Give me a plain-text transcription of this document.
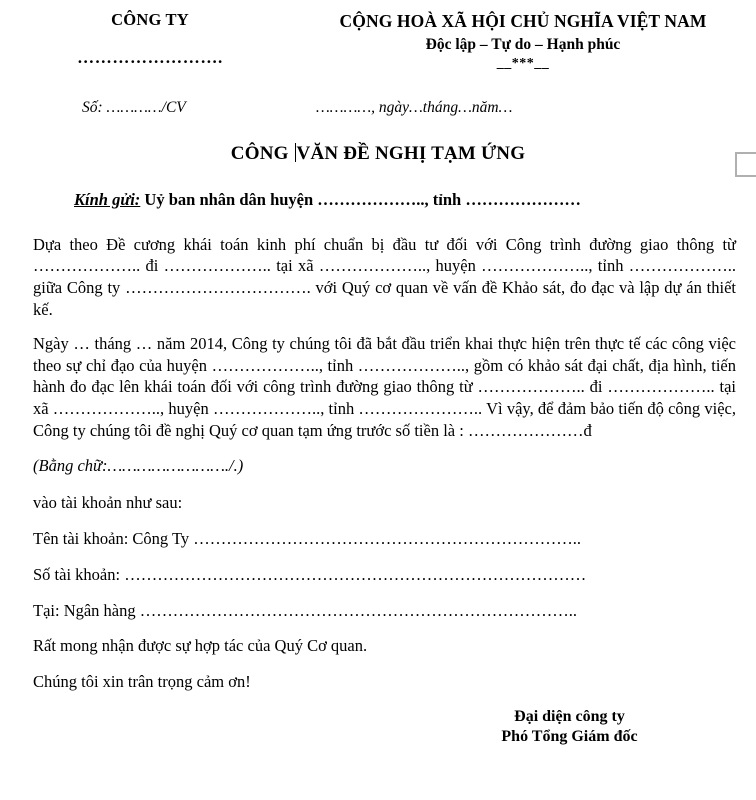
CÔNG TY
…………………….
CỘNG HOÀ XÃ HỘI CHỦ NGHĨA VIỆT NAM
Độc lập – Tự do – Hạnh phúc
__***__
Số: …………/CV	…………, ngày…tháng…năm…
CÔNG VĂN ĐỀ NGHỊ TẠM ỨNG
Kính gửi: Uỷ ban nhân dân huyện ……………….., tỉnh …………………

Dựa theo Đề cương khái toán kinh phí chuẩn bị đầu tư đối với Công trình đường giao thông từ ……………….. đi ……………….. tại xã ……………….., huyện ……………….., tỉnh ……………….. giữa Công ty ……………………………. với Quý cơ quan về vấn đề Khảo sát, đo đạc và lập dự án thiết kế.

Ngày … tháng … năm 2014, Công ty chúng tôi đã bắt đầu triển khai thực hiện trên thực tế các công việc theo sự chỉ đạo của huyện ……………….., tỉnh ……………….., gồm có khảo sát đại chất, địa hình, tiến hành đo đạc lên khái toán đối với công trình đường giao thông từ ……………….. đi ……………….. tại xã ……………….., huyện ……………….., tỉnh ………………….. Vì vậy, để đảm bảo tiến độ công việc, Công ty chúng tôi đề nghị Quý cơ quan tạm ứng trước số tiền là : …………………đ

(Bằng chữ:……………………./.)
vào tài khoản như sau:
Tên tài khoản: Công Ty ……………………………………………………………..
Số tài khoản: …………………………………………………………………………
Tại: Ngân hàng ……………………………………………………………………..
Rất mong nhận được sự hợp tác của Quý Cơ quan.
Chúng tôi xin trân trọng cảm ơn!
Đại diện công ty
Phó Tổng Giám đốc
